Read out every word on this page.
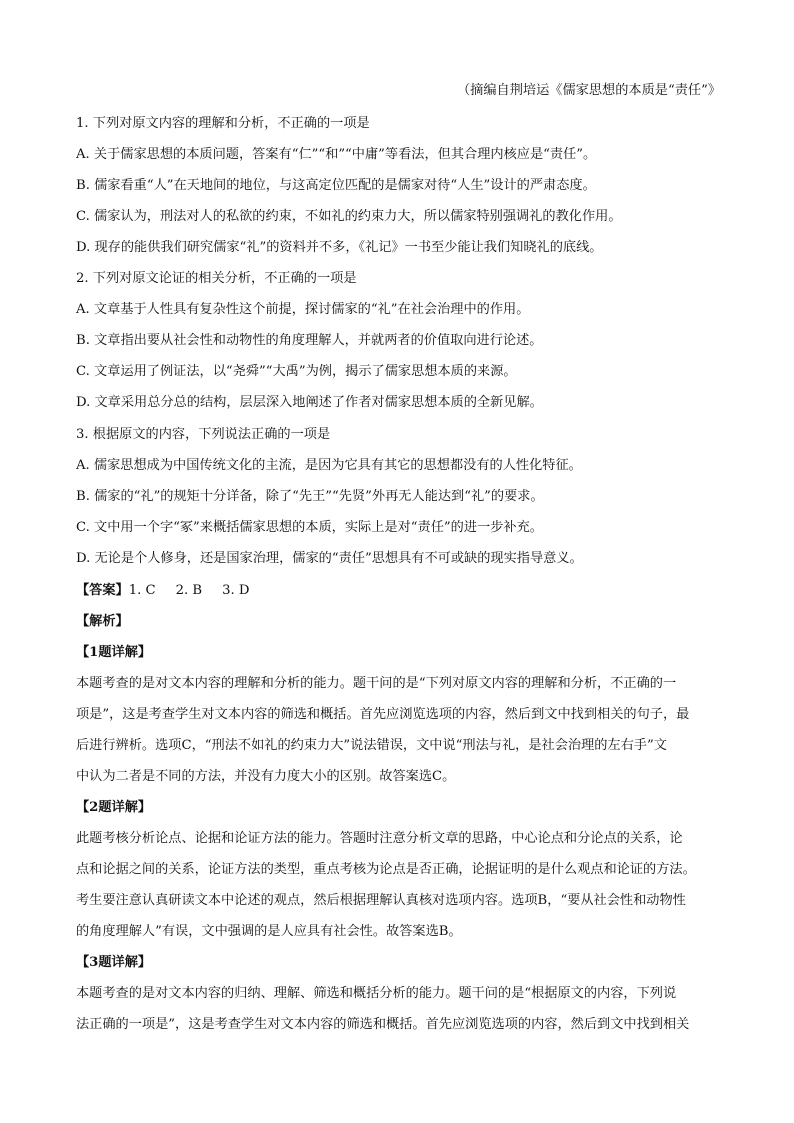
（摘编自荆培运《儒家思想的本质是“责任”》
1. 下列对原文内容的理解和分析，不正确的一项是
A. 关于儒家思想的本质问题，答案有“仁”“和”“中庸”等看法，但其合理内核应是“责任”。
B. 儒家看重“人”在天地间的地位，与这高定位匹配的是儒家对待“人生”设计的严肃态度。
C. 儒家认为，刑法对人的私欲的约束，不如礼的约束力大，所以儒家特别强调礼的教化作用。
D. 现存的能供我们研究儒家“礼”的资料并不多，《礼记》一书至少能让我们知晓礼的底线。
2. 下列对原文论证的相关分析，不正确的一项是
A. 文章基于人性具有复杂性这个前提，探讨儒家的“礼”在社会治理中的作用。
B. 文章指出要从社会性和动物性的角度理解人，并就两者的价值取向进行论述。
C. 文章运用了例证法，以“尧舜”“大禹”为例，揭示了儒家思想本质的来源。
D. 文章采用总分总的结构，层层深入地阐述了作者对儒家思想本质的全新见解。
3. 根据原文的内容，下列说法正确的一项是
A. 儒家思想成为中国传统文化的主流，是因为它具有其它的思想都没有的人性化特征。
B. 儒家的“礼”的规矩十分详备，除了“先王”“先贤”外再无人能达到“礼”的要求。
C. 文中用一个字“冢”来概括儒家思想的本质，实际上是对“责任”的进一步补充。
D. 无论是个人修身，还是国家治理，儒家的“责任”思想具有不可或缺的现实指导意义。
【答案】1. C 2. B 3. D
【解析】
【1题详解】
本题考查的是对文本内容的理解和分析的能力。题干问的是“下列对原文内容的理解和分析，不正确的一
项是”，这是考查学生对文本内容的筛选和概括。首先应浏览选项的内容，然后到文中找到相关的句子，最
后进行辨析。选项C，“刑法不如礼的约束力大”说法错误，文中说“刑法与礼，是社会治理的左右手”文
中认为二者是不同的方法，并没有力度大小的区别。故答案选C。
【2题详解】
此题考核分析论点、论据和论证方法的能力。答题时注意分析文章的思路，中心论点和分论点的关系，论
点和论据之间的关系，论证方法的类型，重点考核为论点是否正确，论据证明的是什么观点和论证的方法。
考生要注意认真研读文本中论述的观点，然后根据理解认真核对选项内容。选项B，“要从社会性和动物性
的角度理解人”有误，文中强调的是人应具有社会性。故答案选B。
【3题详解】
本题考查的是对文本内容的归纳、理解、筛选和概括分析的能力。题干问的是“根据原文的内容，下列说
法正确的一项是”，这是考查学生对文本内容的筛选和概括。首先应浏览选项的内容，然后到文中找到相关
